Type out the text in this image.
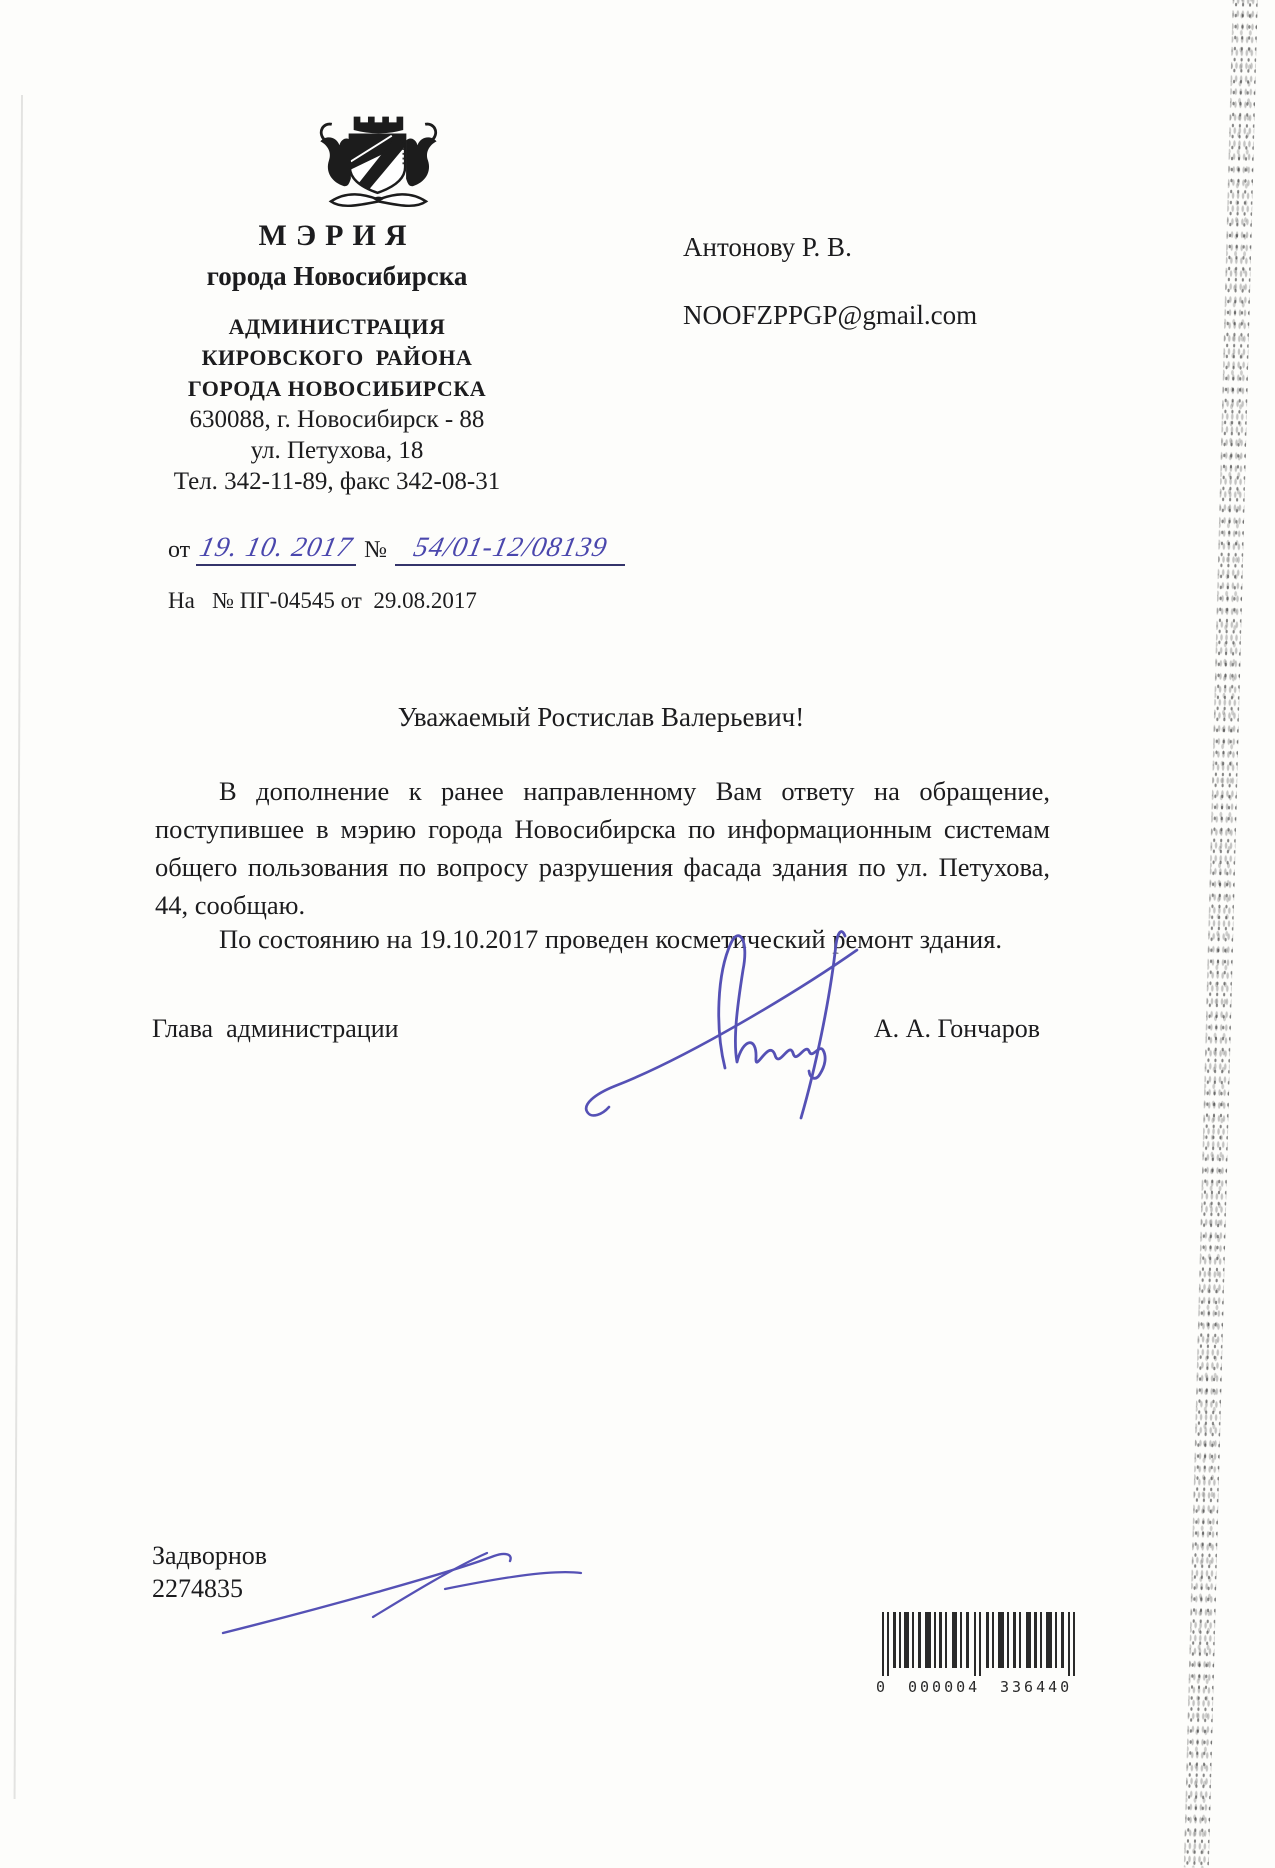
МЭРИЯ
города Новосибирска
АДМИНИСТРАЦИЯ
КИРОВСКОГО  РАЙОНА
ГОРОДА НОВОСИБИРСКА
630088, г. Новосибирск - 88
ул. Петухова, 18
Тел. 342-11-89, факс 342-08-31
от 19. 10. 2017 № 54/01-12/08139
На   № ПГ-04545 от  29.08.2017
Антонову Р. В.
NOOFZPPGP@gmail.com
Уважаемый Ростислав Валерьевич!
В дополнение к ранее направленному Вам ответу на обращение, поступившее в мэрию города Новосибирска по информационным системам общего пользования по вопросу разрушения фасада здания по ул. Петухова, 44, сообщаю.
По состоянию на 19.10.2017 проведен косметический ремонт здания.
Глава  администрации	А. А. Гончаров
Задворнов
2274835
0 000004 336440
